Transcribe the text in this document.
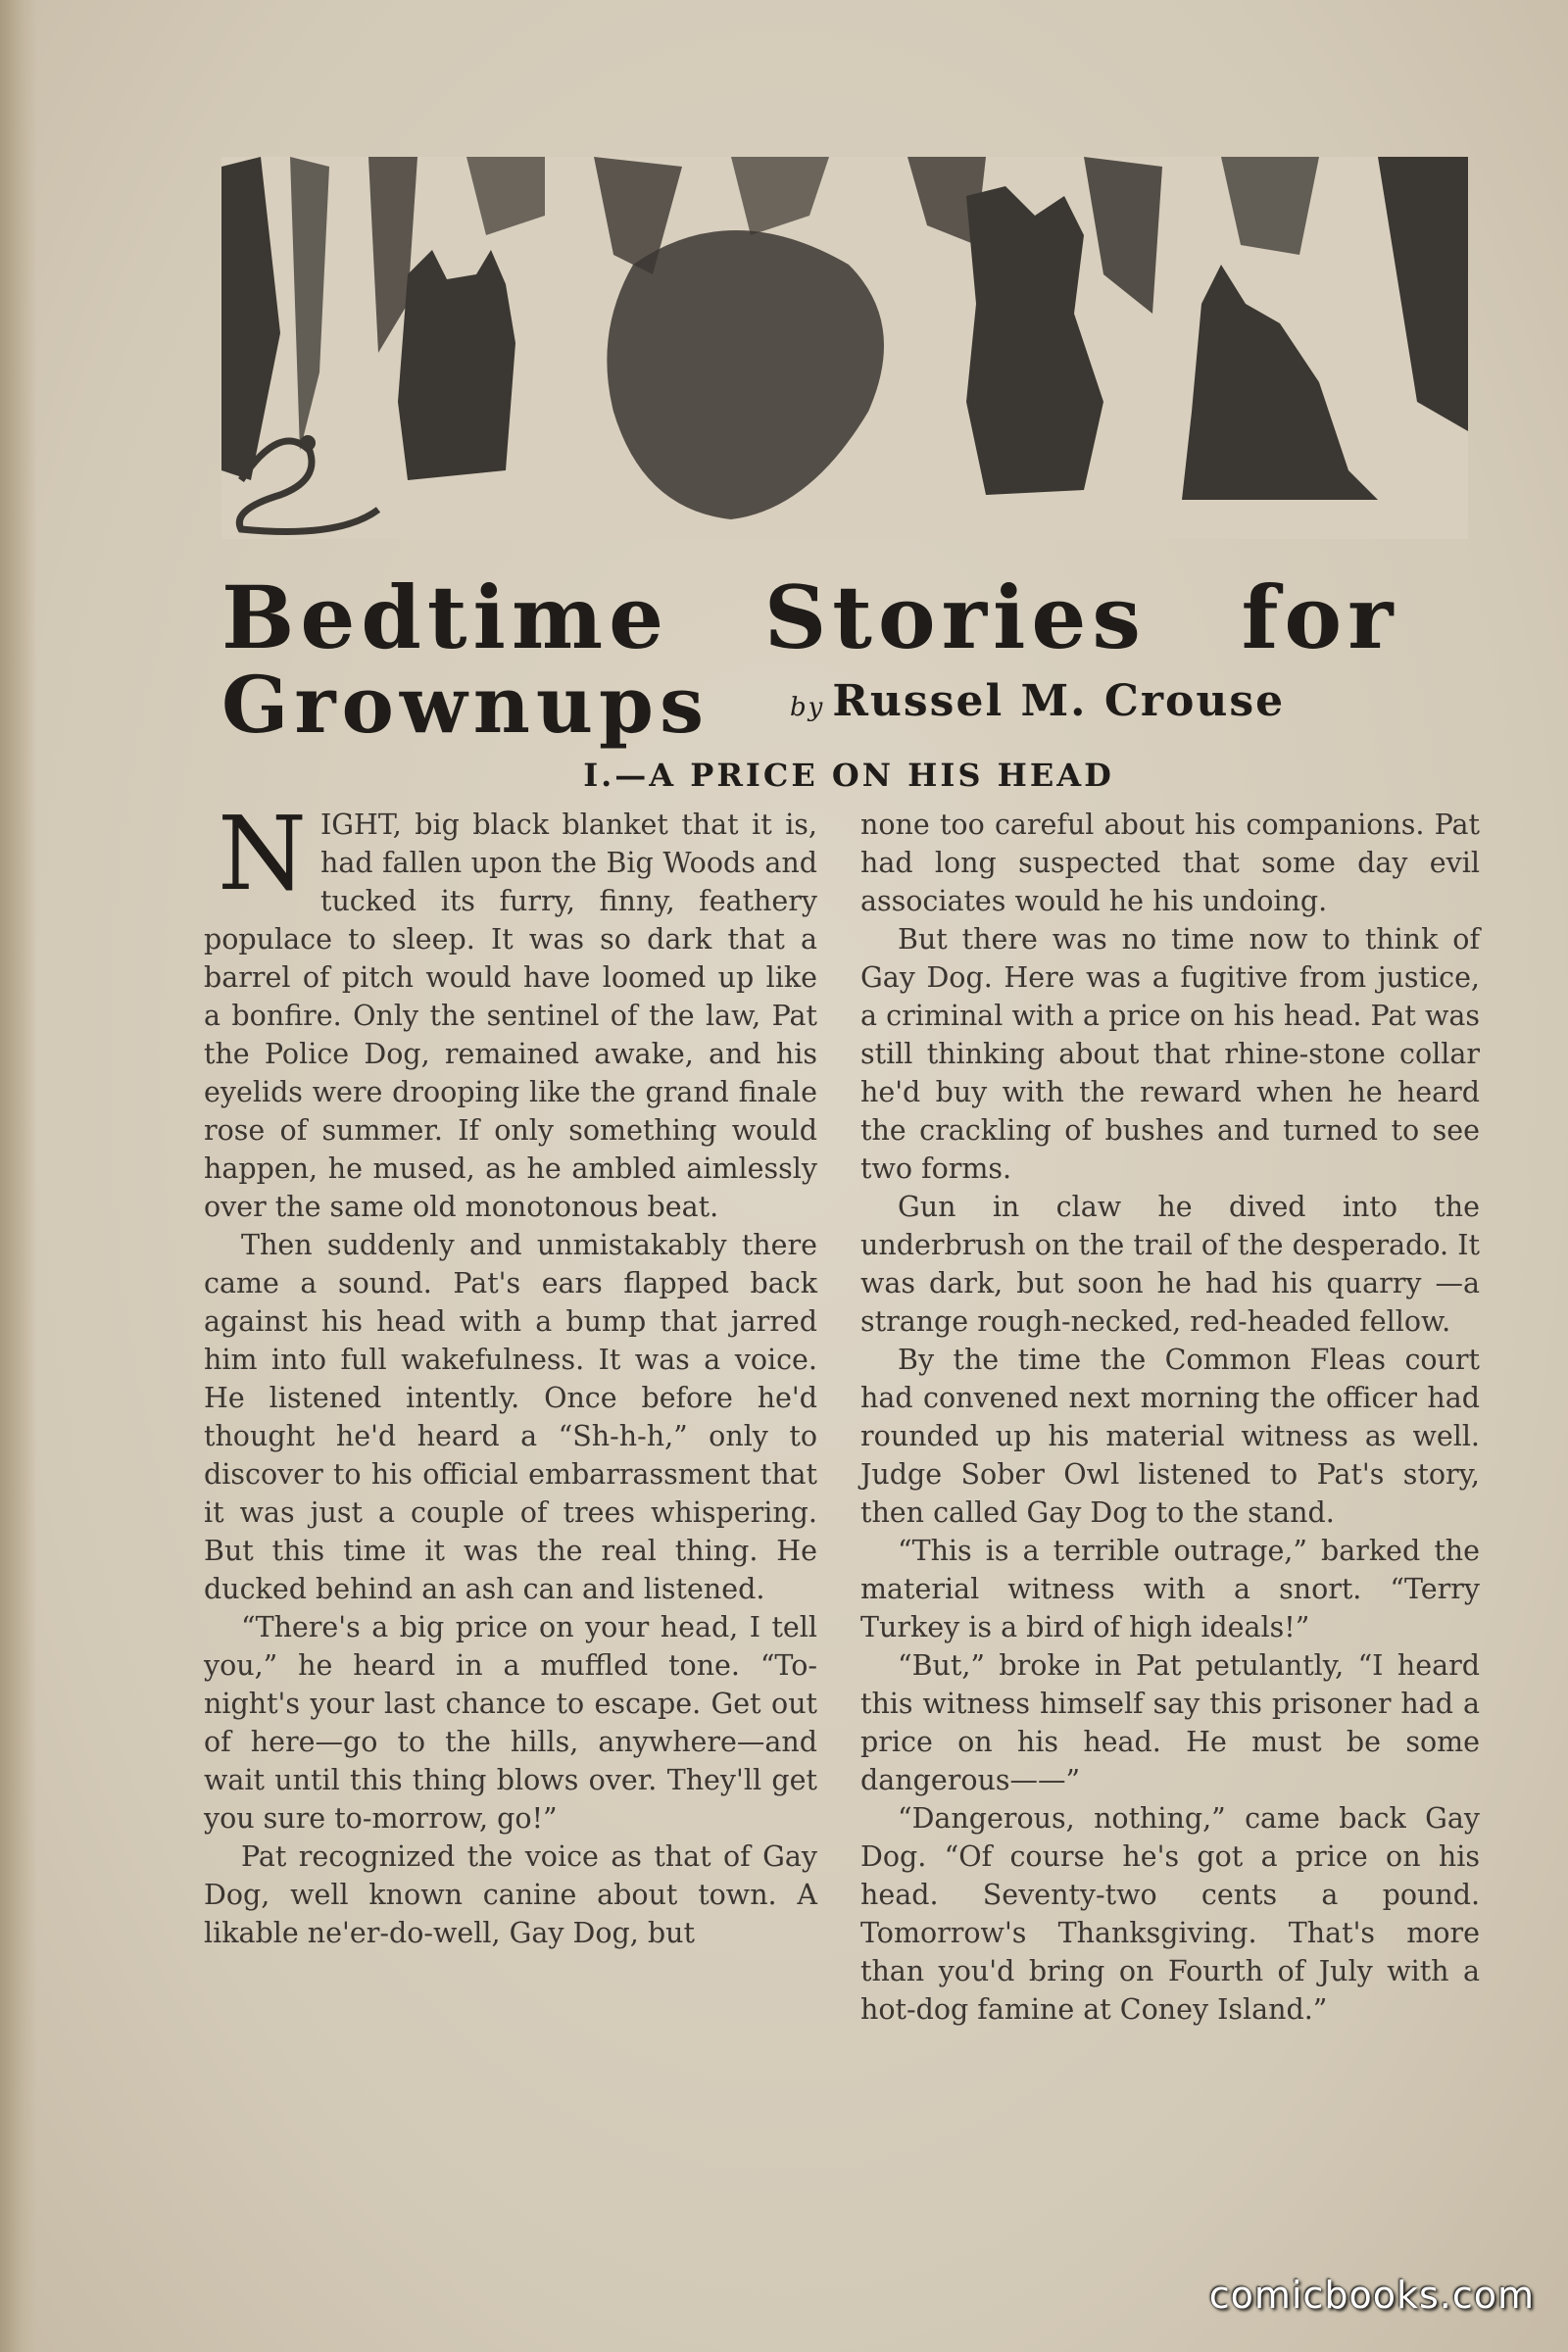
Bedtime Stories for
Grownups	by Russel M. Crouse
I.—A PRICE ON HIS HEAD

NIGHT, big black blanket that it is, had fallen upon the Big Woods and tucked its furry, finny, feathery populace to sleep. It was so dark that a barrel of pitch would have loomed up like a bonfire. Only the sentinel of the law, Pat the Police Dog, remained awake, and his eyelids were drooping like the grand finale rose of summer. If only something would happen, he mused, as he ambled aimlessly over the same old monotonous beat.

Then suddenly and unmistakably there came a sound. Pat's ears flapped back against his head with a bump that jarred him into full wakefulness. It was a voice. He listened intently. Once before he'd thought he'd heard a “Sh-h-h,” only to discover to his official embarrassment that it was just a couple of trees whispering. But this time it was the real thing. He ducked behind an ash can and listened.

“There's a big price on your head, I tell you,” he heard in a muffled tone. “To-night's your last chance to escape. Get out of here—go to the hills, anywhere—and wait until this thing blows over. They'll get you sure to-morrow, go!”

Pat recognized the voice as that of Gay Dog, well known canine about town. A likable ne'er-do-well, Gay Dog, but

none too careful about his companions. Pat had long suspected that some day evil associates would he his undoing.

But there was no time now to think of Gay Dog. Here was a fugitive from justice, a criminal with a price on his head. Pat was still thinking about that rhine-stone collar he'd buy with the reward when he heard the crackling of bushes and turned to see two forms.

Gun in claw he dived into the underbrush on the trail of the desperado. It was dark, but soon he had his quarry —a strange rough-necked, red-headed fellow.

By the time the Common Fleas court had convened next morning the officer had rounded up his material witness as well. Judge Sober Owl listened to Pat's story, then called Gay Dog to the stand.

“This is a terrible outrage,” barked the material witness with a snort. “Terry Turkey is a bird of high ideals!”

“But,” broke in Pat petulantly, “I heard this witness himself say this prisoner had a price on his head. He must be some dangerous——”

“Dangerous, nothing,” came back Gay Dog. “Of course he's got a price on his head. Seventy-two cents a pound. Tomorrow's Thanksgiving. That's more than you'd bring on Fourth of July with a hot-dog famine at Coney Island.”

comicbooks.com
